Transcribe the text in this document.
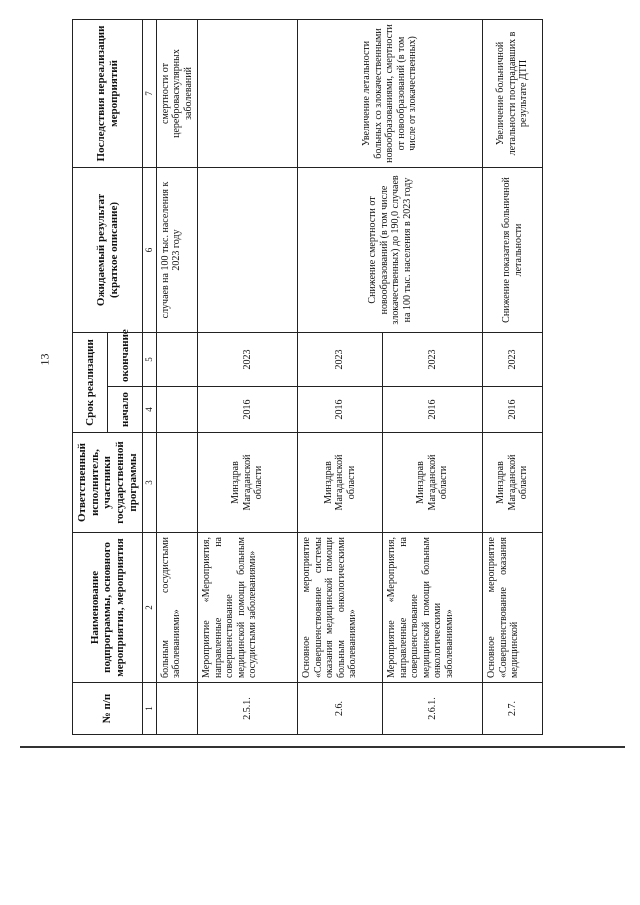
13
№ п/п	Наименование подпрограммы, основного мероприятия, мероприятия	Ответственный исполнитель, участники государственной программы	Срок реализации		Ожидаемый результат (краткое описание)	Последствия нереализации мероприятий
			начало	окончание		
1	2	3	4	5	6	7
	больным сосудистыми заболеваниями»				случаев на 100 тыс. населения к 2023 году	смертности от цереброваскулярных заболеваний
2.5.1.	Мероприятие «Мероприятия, направленные на совершенствование медицинской помощи больным сосудистыми заболеваниями»	Минздрав Магаданской области	2016	2023		
2.6.	Основное мероприятие «Совершенствование системы оказания медицинской помощи больным онкологическими заболеваниями»	Минздрав Магаданской области	2016	2023	Снижение смертности от новообразований (в том числе злокачественных) до 190,0 случаев на 100 тыс. населения в 2023 году	Увеличение летальности больных со злокачественными новообразованиями, смертности от новообразований (в том числе от злокачественных)
2.6.1.	Мероприятие «Мероприятия, направленные на совершенствование медицинской помощи больным онкологическими заболеваниями»	Минздрав Магаданской области	2016	2023		
2.7.	Основное мероприятие «Совершенствование оказания медицинской	Минздрав Магаданской области	2016	2023	Снижение показателя больничной летальности	Увеличение больничной летальности пострадавших в результате ДТП
